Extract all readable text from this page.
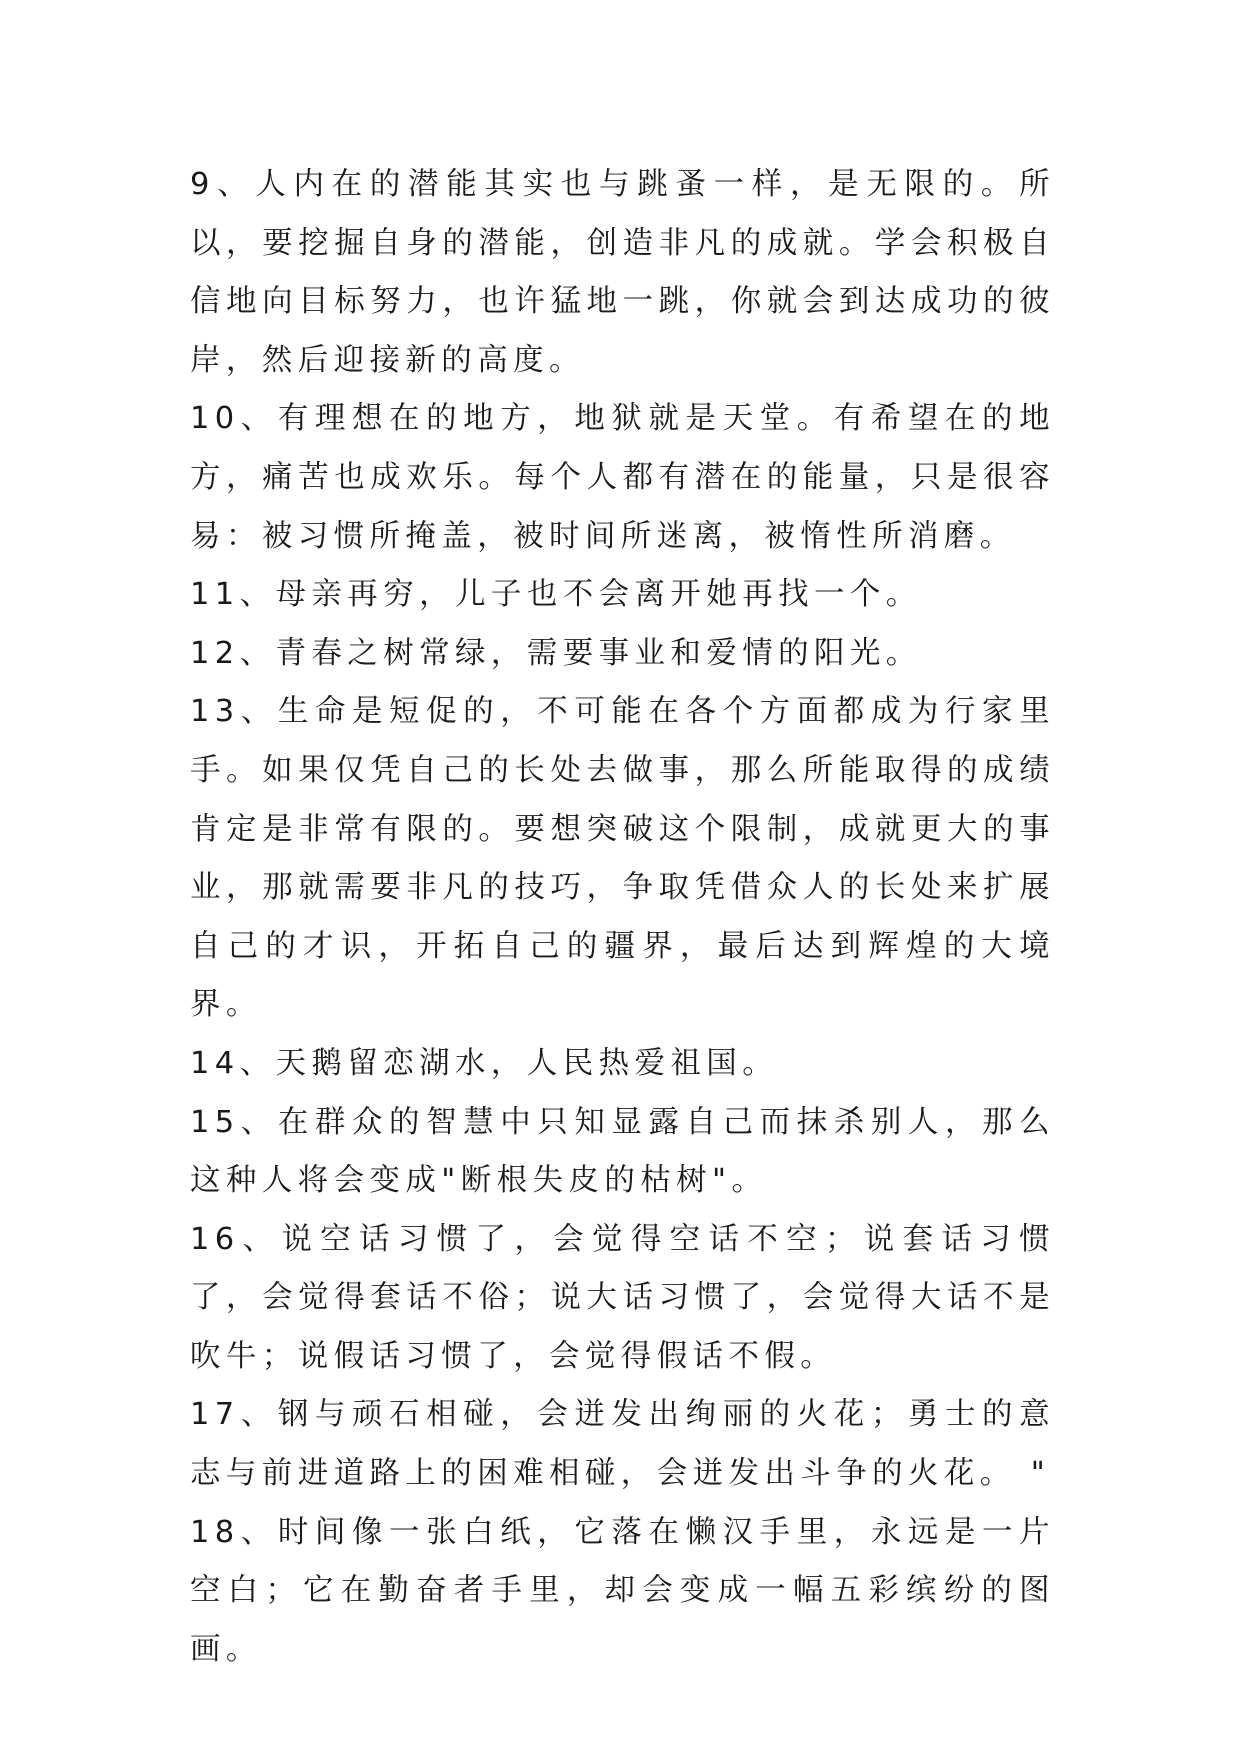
9、人内在的潜能其实也与跳蚤一样，是无限的。所以，要挖掘自身的潜能，创造非凡的成就。学会积极自信地向目标努力，也许猛地一跳，你就会到达成功的彼岸，然后迎接新的高度。

10、有理想在的地方，地狱就是天堂。有希望在的地方，痛苦也成欢乐。每个人都有潜在的能量，只是很容易：被习惯所掩盖，被时间所迷离，被惰性所消磨。

11、母亲再穷，儿子也不会离开她再找一个。

12、青春之树常绿，需要事业和爱情的阳光。

13、生命是短促的，不可能在各个方面都成为行家里手。如果仅凭自己的长处去做事，那么所能取得的成绩肯定是非常有限的。要想突破这个限制，成就更大的事业，那就需要非凡的技巧，争取凭借众人的长处来扩展自己的才识，开拓自己的疆界，最后达到辉煌的大境界。

14、天鹅留恋湖水，人民热爱祖国。

15、在群众的智慧中只知显露自己而抹杀别人，那么这种人将会变成"断根失皮的枯树"。

16、说空话习惯了，会觉得空话不空；说套话习惯了，会觉得套话不俗；说大话习惯了，会觉得大话不是吹牛；说假话习惯了，会觉得假话不假。

17、钢与顽石相碰，会迸发出绚丽的火花；勇士的意志与前进道路上的困难相碰，会迸发出斗争的火花。 "

18、时间像一张白纸，它落在懒汉手里，永远是一片空白；它在勤奋者手里，却会变成一幅五彩缤纷的图画。
